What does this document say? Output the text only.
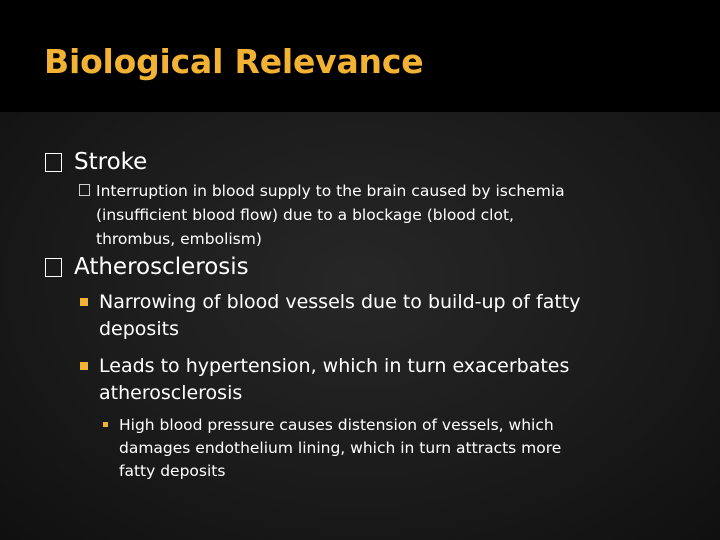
Biological Relevance
Stroke
Interruption in blood supply to the brain caused by ischemia
(insufficient blood flow) due to a blockage (blood clot,
thrombus, embolism)
Atherosclerosis
Narrowing of blood vessels due to build-up of fatty
deposits
Leads to hypertension, which in turn exacerbates
atherosclerosis
High blood pressure causes distension of vessels, which
damages endothelium lining, which in turn attracts more
fatty deposits
